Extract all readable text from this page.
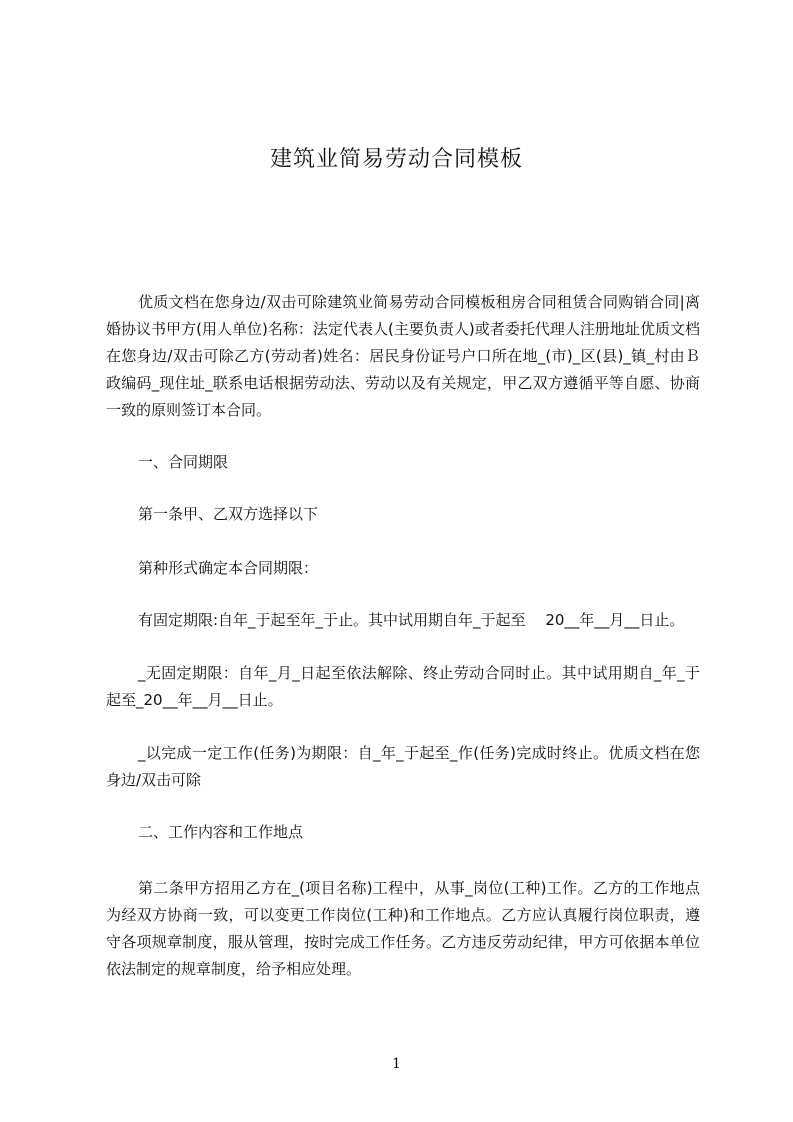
建筑业简易劳动合同模板
优质文档在您身边/双击可除建筑业简易劳动合同模板租房合同租赁合同购销合同|离婚协议书甲方(用人单位)名称：法定代表人(主要负责人)或者委托代理人注册地址优质文档在您身边/双击可除乙方(劳动者)姓名：居民身份证号户口所在地_(市)_区(县)_镇_村由Ｂ政编码_现住址_联系电话根据劳动法、劳动以及有关规定，甲乙双方遵循平等自愿、协商一致的原则签订本合同。
一、合同期限
第一条甲、乙双方选择以下
第种形式确定本合同期限：
有固定期限:自年_于起至年_于止。其中试用期自年_于起至　 20__年__月__日止。
_无固定期限：自年_月_日起至依法解除、终止劳动合同时止。其中试用期自_年_于起至_20__年__月__日止。
_以完成一定工作(任务)为期限：自_年_于起至_作(任务)完成时终止。优质文档在您身边/双击可除
二、工作内容和工作地点
第二条甲方招用乙方在_(项目名称)工程中，从事_岗位(工种)工作。乙方的工作地点为经双方协商一致，可以变更工作岗位(工种)和工作地点。乙方应认真履行岗位职责，遵守各项规章制度，服从管理，按时完成工作任务。乙方违反劳动纪律，甲方可依据本单位依法制定的规章制度，给予相应处理。
1
